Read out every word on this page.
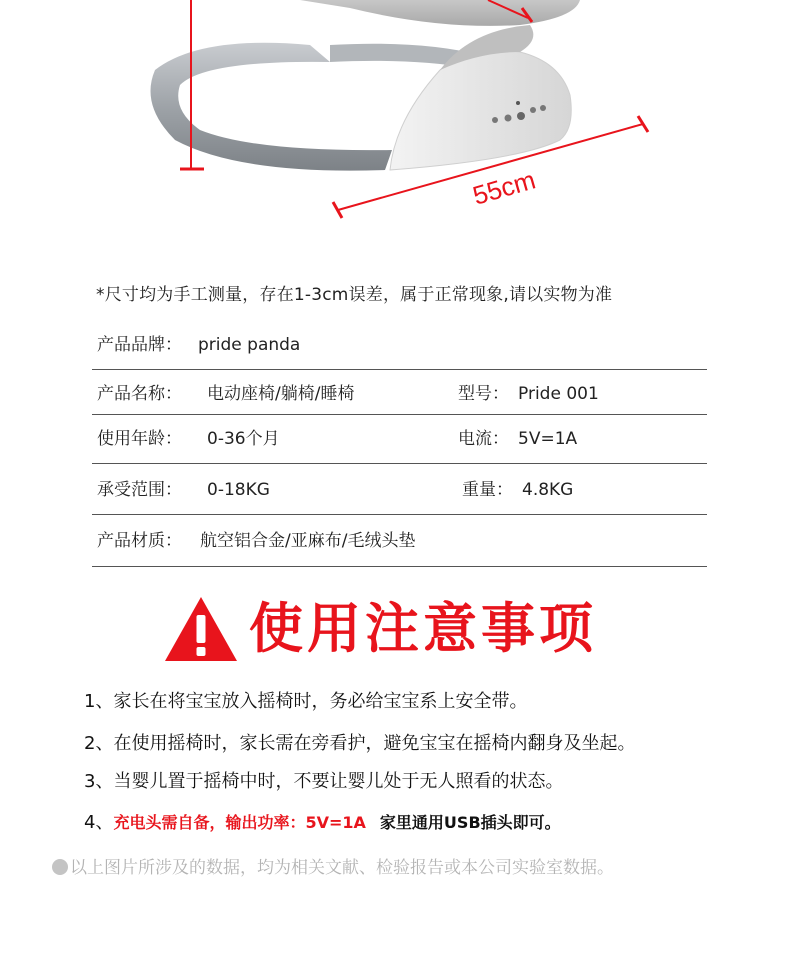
55cm
*尺寸均为手工测量，存在1-3cm误差，属于正常现象,请以实物为准
产品品牌： pride panda
产品名称： 电动座椅/躺椅/睡椅	型号： Pride 001
使用年龄： 0-36个月	电流： 5V=1A
承受范围： 0-18KG	重量： 4.8KG
产品材质： 航空铝合金/亚麻布/毛绒头垫
使用注意事项
1、家长在将宝宝放入摇椅时，务必给宝宝系上安全带。
2、在使用摇椅时，家长需在旁看护，避免宝宝在摇椅内翻身及坐起。
3、当婴儿置于摇椅中时，不要让婴儿处于无人照看的状态。
4、充电头需自备，输出功率：5V=1A 家里通用USB插头即可。
以上图片所涉及的数据，均为相关文献、检验报告或本公司实验室数据。
